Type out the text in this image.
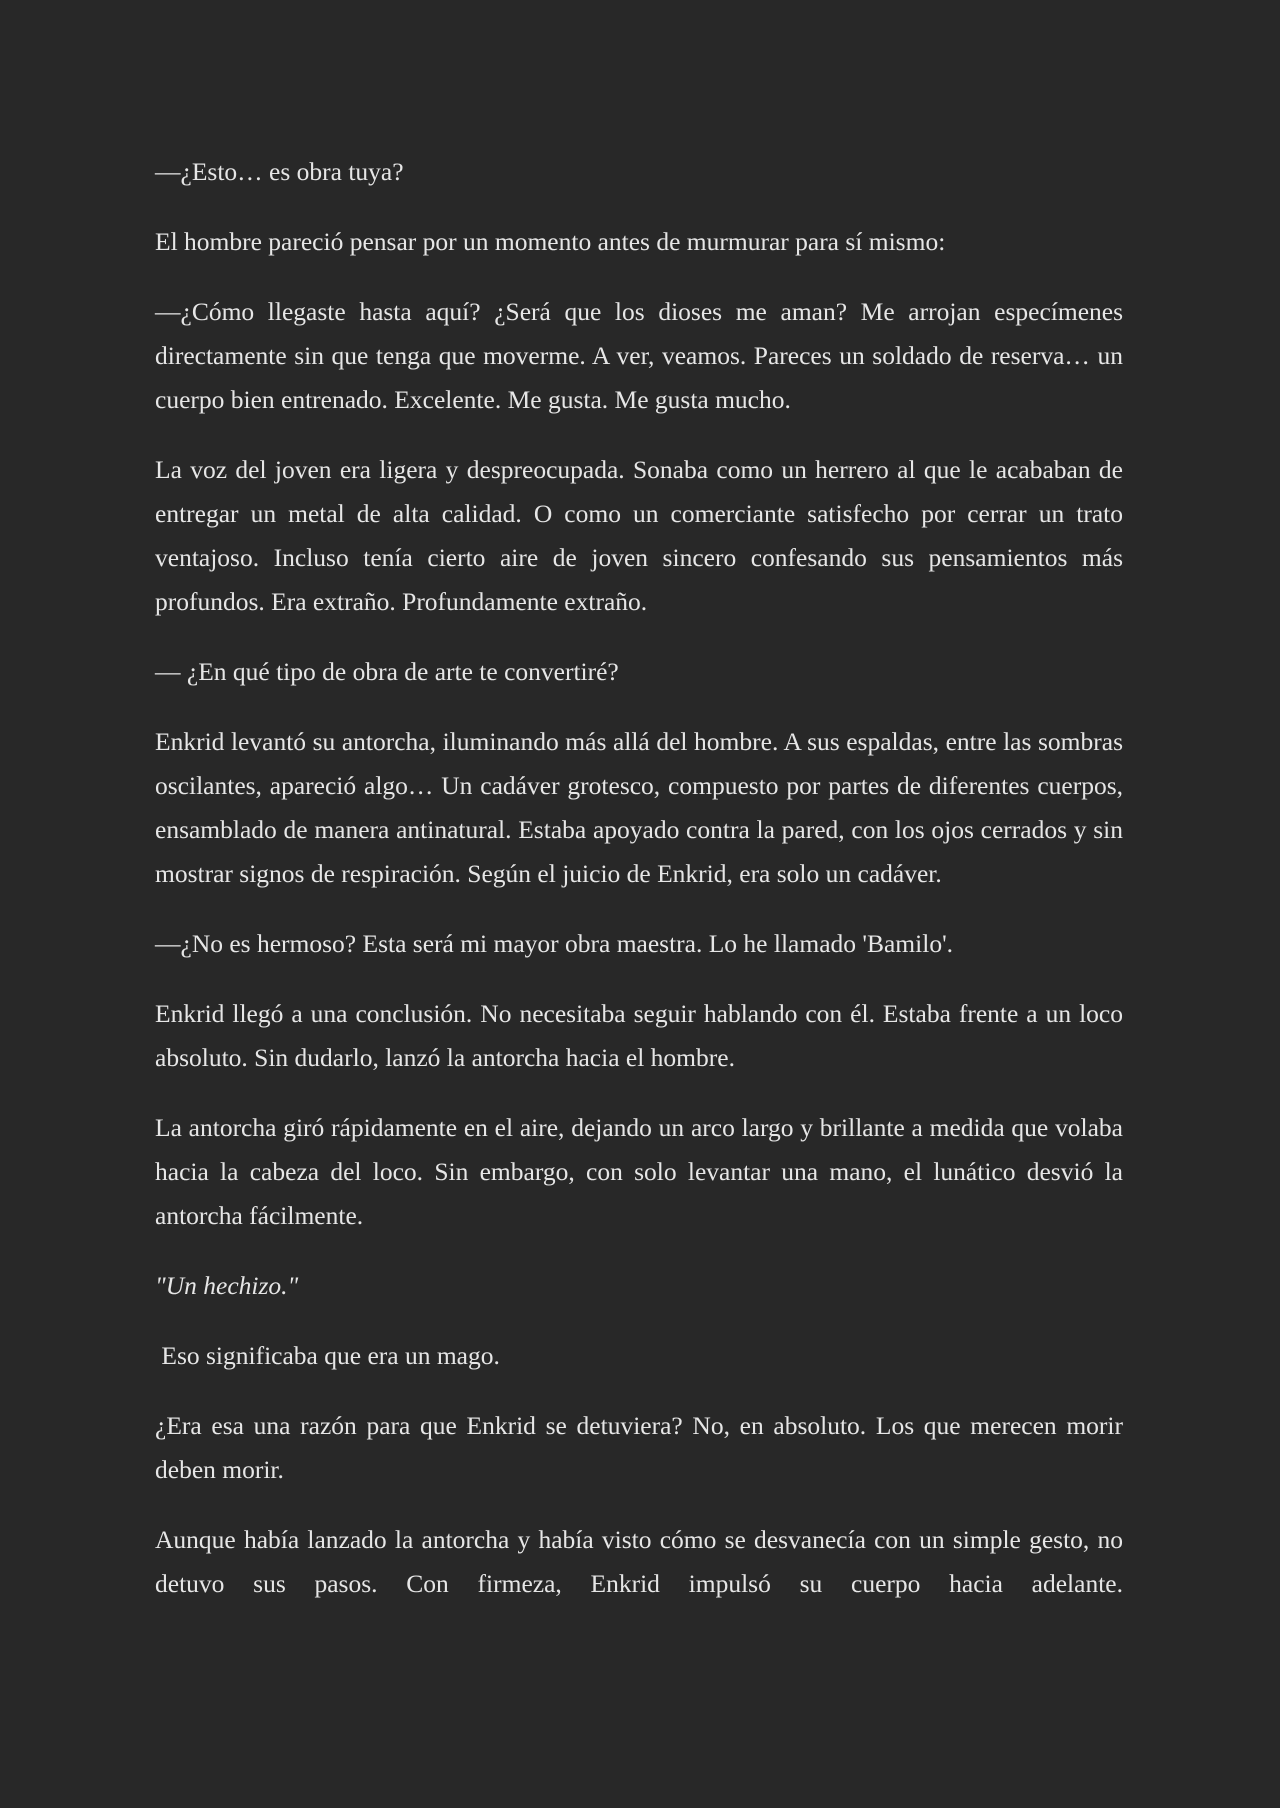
—¿Esto… es obra tuya?

El hombre pareció pensar por un momento antes de murmurar para sí mismo:

—¿Cómo llegaste hasta aquí? ¿Será que los dioses me aman? Me arrojan especímenes directamente sin que tenga que moverme. A ver, veamos. Pareces un soldado de reserva… un cuerpo bien entrenado. Excelente. Me gusta. Me gusta mucho.

La voz del joven era ligera y despreocupada. Sonaba como un herrero al que le acababan de entregar un metal de alta calidad. O como un comerciante satisfecho por cerrar un trato ventajoso. Incluso tenía cierto aire de joven sincero confesando sus pensamientos más profundos. Era extraño. Profundamente extraño.

— ¿En qué tipo de obra de arte te convertiré?

Enkrid levantó su antorcha, iluminando más allá del hombre. A sus espaldas, entre las sombras oscilantes, apareció algo… Un cadáver grotesco, compuesto por partes de diferentes cuerpos, ensamblado de manera antinatural. Estaba apoyado contra la pared, con los ojos cerrados y sin mostrar signos de respiración. Según el juicio de Enkrid, era solo un cadáver.

—¿No es hermoso? Esta será mi mayor obra maestra. Lo he llamado 'Bamilo'.

Enkrid llegó a una conclusión. No necesitaba seguir hablando con él. Estaba frente a un loco absoluto. Sin dudarlo, lanzó la antorcha hacia el hombre.

La antorcha giró rápidamente en el aire, dejando un arco largo y brillante a medida que volaba hacia la cabeza del loco. Sin embargo, con solo levantar una mano, el lunático desvió la antorcha fácilmente.

"Un hechizo."

Eso significaba que era un mago.

¿Era esa una razón para que Enkrid se detuviera? No, en absoluto. Los que merecen morir deben morir.

Aunque había lanzado la antorcha y había visto cómo se desvanecía con un simple gesto, no detuvo sus pasos. Con firmeza, Enkrid impulsó su cuerpo hacia adelante.
